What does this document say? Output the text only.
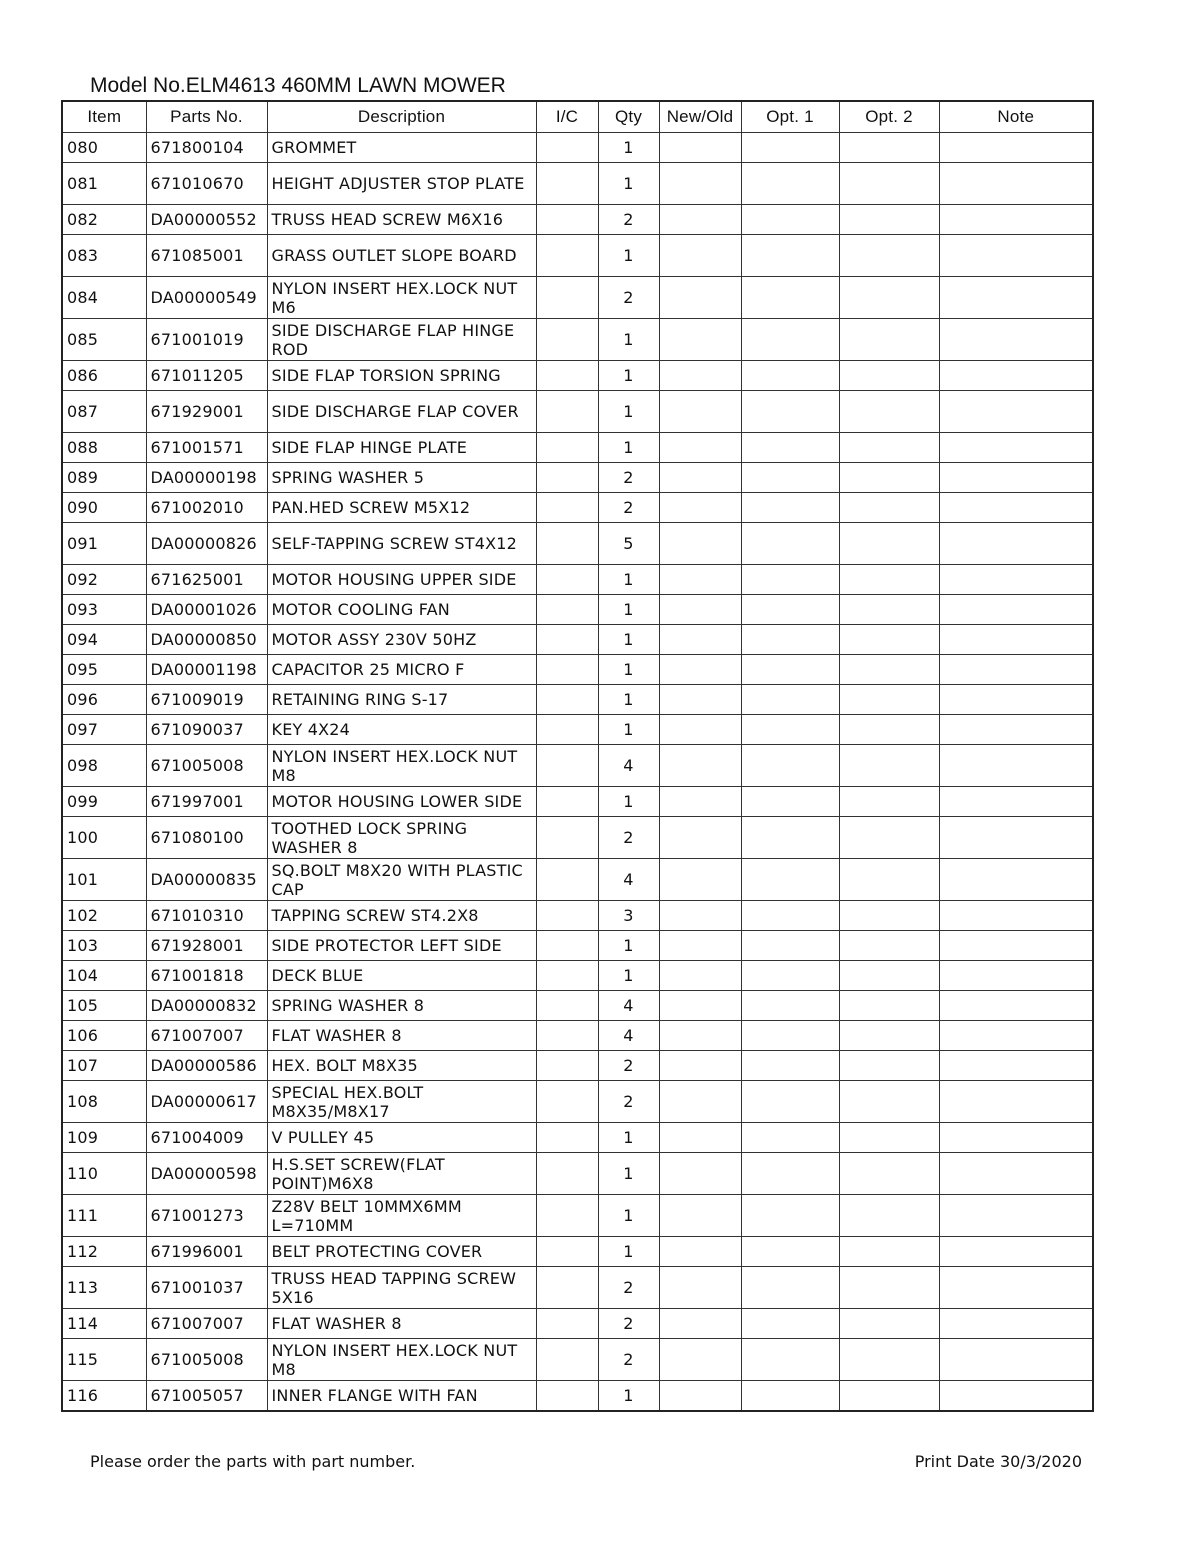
Model No.ELM4613 460MM LAWN MOWER
Item	Parts No.	Description	I/C	Qty	New/Old	Opt. 1	Opt. 2	Note
080	671800104	GROMMET		1				
081	671010670	HEIGHT ADJUSTER STOP PLATE		1				
082	DA00000552	TRUSS HEAD SCREW M6X16		2				
083	671085001	GRASS OUTLET SLOPE BOARD		1				
084	DA00000549	NYLON INSERT HEX.LOCK NUT M6		2				
085	671001019	SIDE DISCHARGE FLAP HINGE ROD		1				
086	671011205	SIDE FLAP TORSION SPRING		1				
087	671929001	SIDE DISCHARGE FLAP COVER		1				
088	671001571	SIDE FLAP HINGE PLATE		1				
089	DA00000198	SPRING WASHER 5		2				
090	671002010	PAN.HED SCREW M5X12		2				
091	DA00000826	SELF-TAPPING SCREW ST4X12		5				
092	671625001	MOTOR HOUSING UPPER SIDE		1				
093	DA00001026	MOTOR COOLING FAN		1				
094	DA00000850	MOTOR ASSY 230V 50HZ		1				
095	DA00001198	CAPACITOR 25 MICRO F		1				
096	671009019	RETAINING RING S-17		1				
097	671090037	KEY 4X24		1				
098	671005008	NYLON INSERT HEX.LOCK NUT M8		4				
099	671997001	MOTOR HOUSING LOWER SIDE		1				
100	671080100	TOOTHED LOCK SPRING WASHER 8		2				
101	DA00000835	SQ.BOLT M8X20 WITH PLASTIC CAP		4				
102	671010310	TAPPING SCREW ST4.2X8		3				
103	671928001	SIDE PROTECTOR LEFT SIDE		1				
104	671001818	DECK BLUE		1				
105	DA00000832	SPRING WASHER 8		4				
106	671007007	FLAT WASHER 8		4				
107	DA00000586	HEX. BOLT M8X35		2				
108	DA00000617	SPECIAL HEX.BOLT M8X35/M8X17		2				
109	671004009	V PULLEY 45		1				
110	DA00000598	H.S.SET SCREW(FLAT POINT)M6X8		1				
111	671001273	Z28V BELT 10MMX6MM L=710MM		1				
112	671996001	BELT PROTECTING COVER		1				
113	671001037	TRUSS HEAD TAPPING SCREW 5X16		2				
114	671007007	FLAT WASHER 8		2				
115	671005008	NYLON INSERT HEX.LOCK NUT M8		2				
116	671005057	INNER FLANGE WITH FAN		1				
Please order the parts with part number.	Print Date 30/3/2020
